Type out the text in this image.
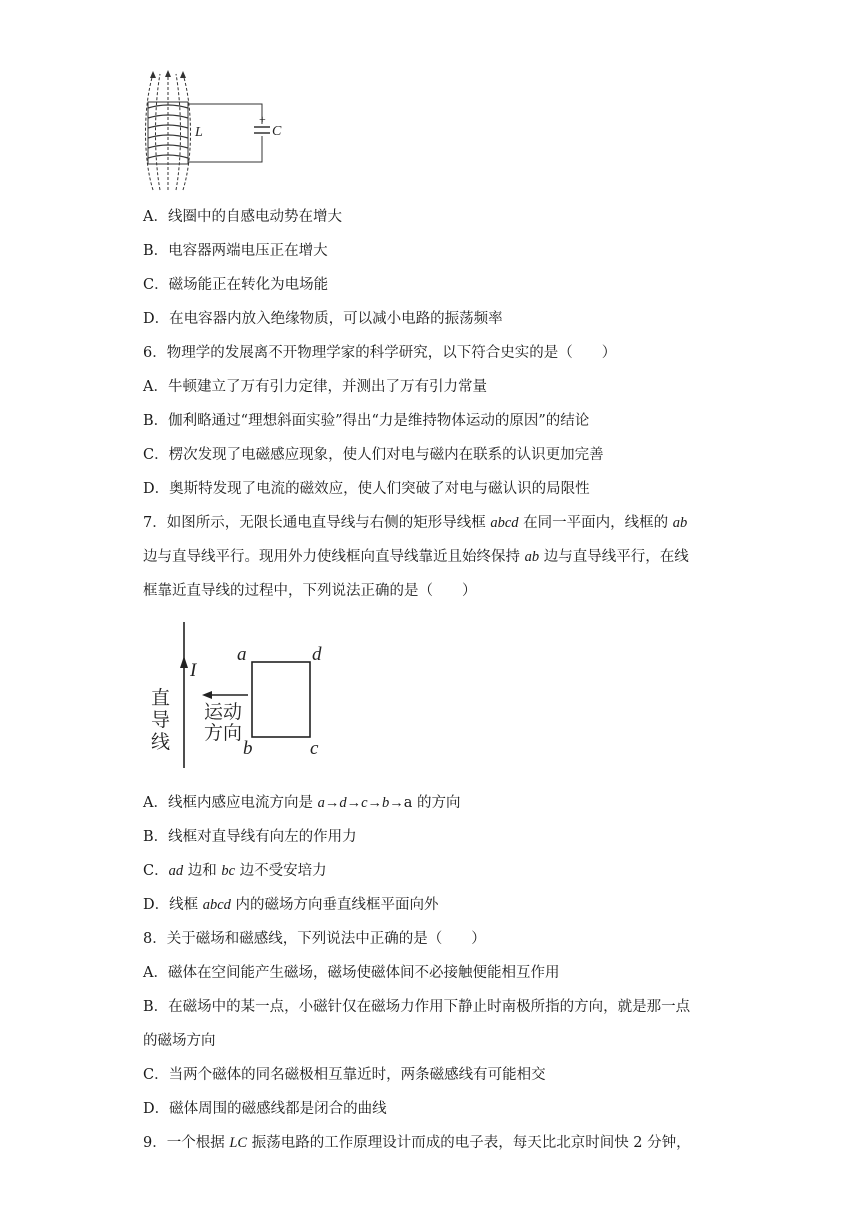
L
+
C
A．线圈中的自感电动势在增大
B．电容器两端电压正在增大
C．磁场能正在转化为电场能
D．在电容器内放入绝缘物质，可以减小电路的振荡频率
6．物理学的发展离不开物理学家的科学研究，以下符合史实的是（　　）
A．牛顿建立了万有引力定律，并测出了万有引力常量
B．伽利略通过“理想斜面实验”得出“力是维持物体运动的原因”的结论
C．楞次发现了电磁感应现象，使人们对电与磁内在联系的认识更加完善
D．奥斯特发现了电流的磁效应，使人们突破了对电与磁认识的局限性
7．如图所示，无限长通电直导线与右侧的矩形导线框 abcd 在同一平面内，线框的 ab
边与直导线平行。现用外力使线框向直导线靠近且始终保持 ab 边与直导线平行，在线
框靠近直导线的过程中，下列说法正确的是（　　）
I
直
导
线
a	d
b	c
运动
方向
A．线框内感应电流方向是 a→d→c→b→a 的方向
B．线框对直导线有向左的作用力
C．ad 边和 bc 边不受安培力
D．线框 abcd 内的磁场方向垂直线框平面向外
8．关于磁场和磁感线，下列说法中正确的是（　　）
A．磁体在空间能产生磁场，磁场使磁体间不必接触便能相互作用
B．在磁场中的某一点，小磁针仅在磁场力作用下静止时南极所指的方向，就是那一点
的磁场方向
C．当两个磁体的同名磁极相互靠近时，两条磁感线有可能相交
D．磁体周围的磁感线都是闭合的曲线
9．一个根据 LC 振荡电路的工作原理设计而成的电子表，每天比北京时间快 2 分钟，
